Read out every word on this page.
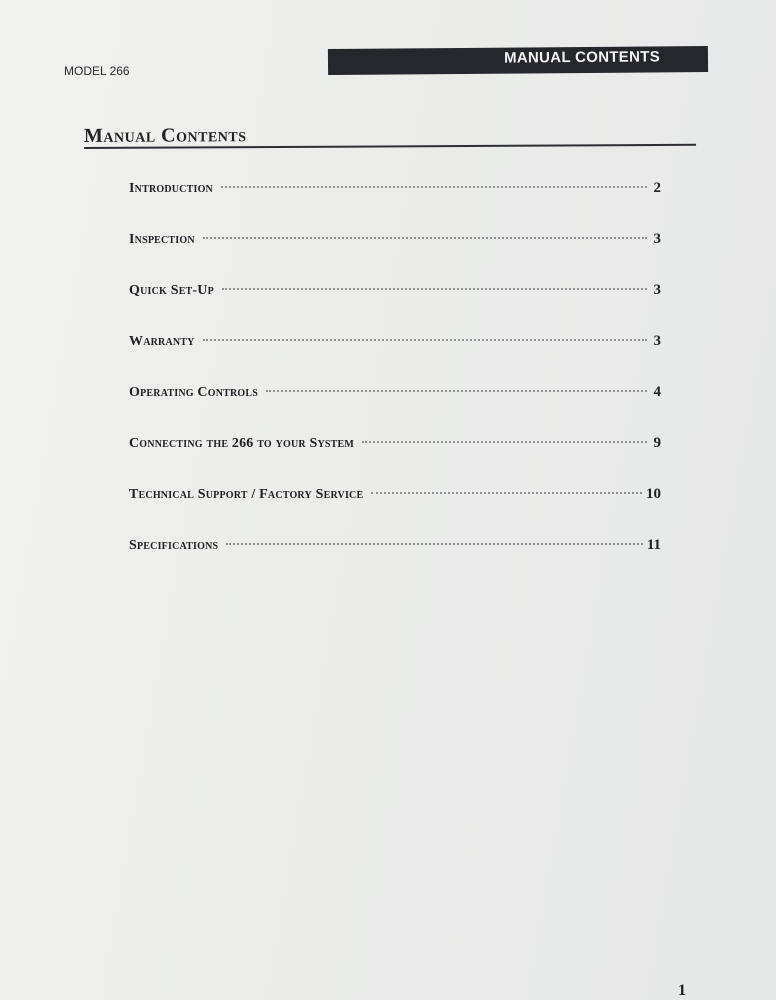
MODEL 266
MANUAL CONTENTS
Manual Contents
Introduction	2
Inspection	3
Quick Set-Up	3
Warranty	3
Operating Controls	4
Connecting the 266 to your System	9
Technical Support / Factory Service	10
Specifications	11
1
